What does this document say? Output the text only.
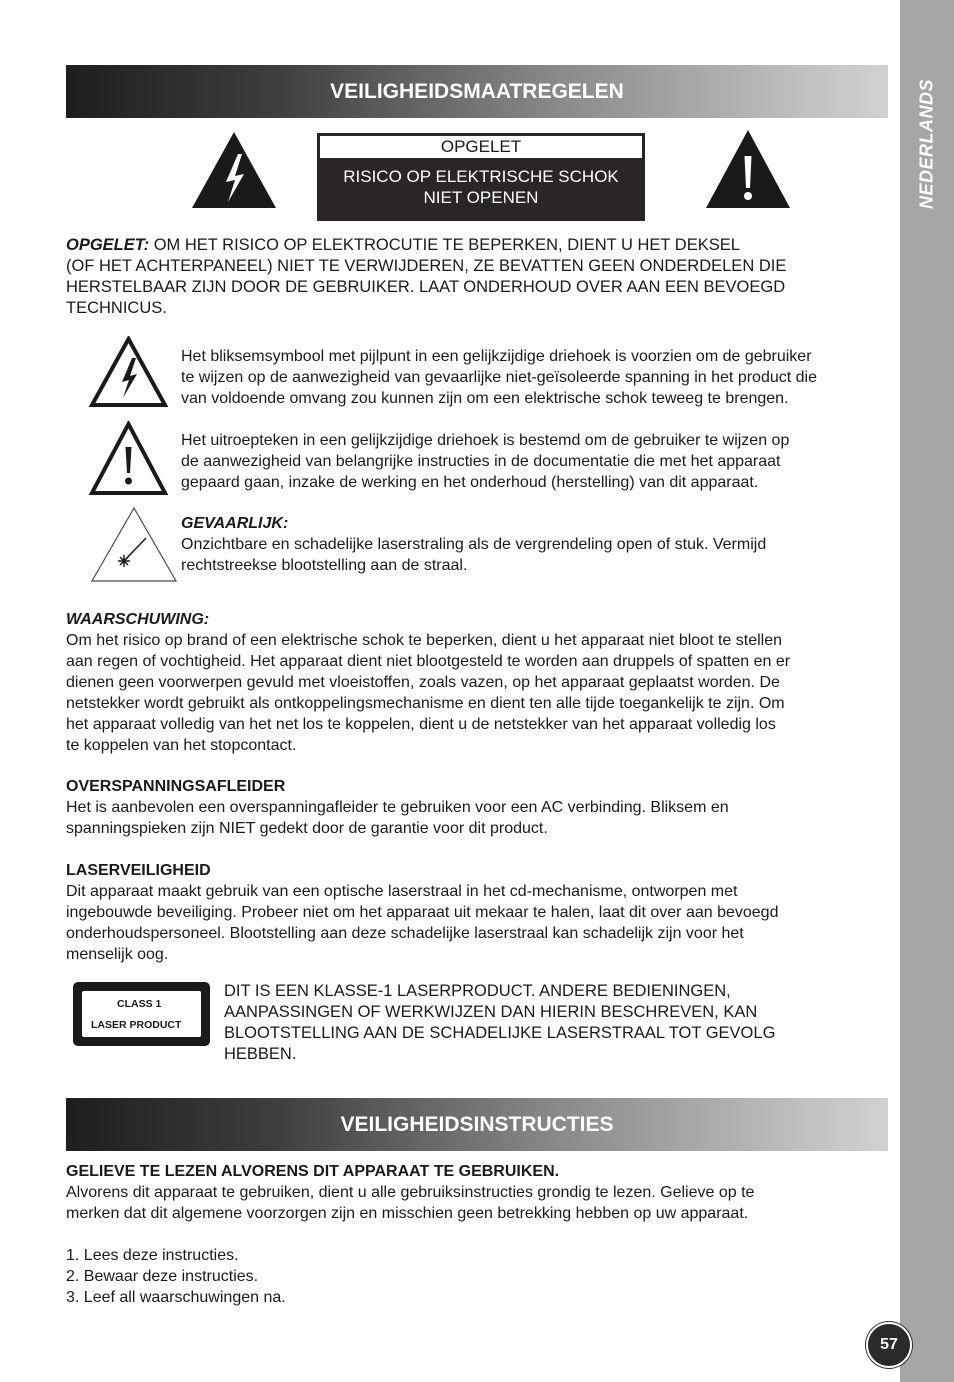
NEDERLANDS
57
VEILIGHEIDSMAATREGELEN
OPGELET
RISICO OP ELEKTRISCHE SCHOK
NIET OPENEN

OPGELET: OM HET RISICO OP ELEKTROCUTIE TE BEPERKEN, DIENT U HET DEKSEL

(OF HET ACHTERPANEEL) NIET TE VERWIJDEREN, ZE BEVATTEN GEEN ONDERDELEN DIE

HERSTELBAAR ZIJN DOOR DE GEBRUIKER. LAAT ONDERHOUD OVER AAN EEN BEVOEGD

TECHNICUS.

Het bliksemsymbool met pijlpunt in een gelijkzijdige driehoek is voorzien om de gebruiker

te wijzen op de aanwezigheid van gevaarlijke niet-geïsoleerde spanning in het product die

van voldoende omvang zou kunnen zijn om een elektrische schok teweeg te brengen.

Het uitroepteken in een gelijkzijdige driehoek is bestemd om de gebruiker te wijzen op

de aanwezigheid van belangrijke instructies in de documentatie die met het apparaat

gepaard gaan, inzake de werking en het onderhoud (herstelling) van dit apparaat.

GEVAARLIJK:

Onzichtbare en schadelijke laserstraling als de vergrendeling open of stuk. Vermijd

rechtstreekse blootstelling aan de straal.

WAARSCHUWING:

Om het risico op brand of een elektrische schok te beperken, dient u het apparaat niet bloot te stellen

aan regen of vochtigheid. Het apparaat dient niet blootgesteld te worden aan druppels of spatten en er

dienen geen voorwerpen gevuld met vloeistoffen, zoals vazen, op het apparaat geplaatst worden. De

netstekker wordt gebruikt als ontkoppelingsmechanisme en dient ten alle tijde toegankelijk te zijn. Om

het apparaat volledig van het net los te koppelen, dient u de netstekker van het apparaat volledig los

te koppelen van het stopcontact.

OVERSPANNINGSAFLEIDER

Het is aanbevolen een overspanningafleider te gebruiken voor een AC verbinding. Bliksem en

spanningspieken zijn NIET gedekt door de garantie voor dit product.

LASERVEILIGHEID

Dit apparaat maakt gebruik van een optische laserstraal in het cd-mechanisme, ontworpen met

ingebouwde beveiliging. Probeer niet om het apparaat uit mekaar te halen, laat dit over aan bevoegd

onderhoudspersoneel. Blootstelling aan deze schadelijke laserstraal kan schadelijk zijn voor het

menselijk oog.

CLASS 1
LASER PRODUCT

DIT IS EEN KLASSE-1 LASERPRODUCT. ANDERE BEDIENINGEN,

AANPASSINGEN OF WERKWIJZEN DAN HIERIN BESCHREVEN, KAN

BLOOTSTELLING AAN DE SCHADELIJKE LASERSTRAAL TOT GEVOLG

HEBBEN.

VEILIGHEIDSINSTRUCTIES

GELIEVE TE LEZEN ALVORENS DIT APPARAAT TE GEBRUIKEN.

Alvorens dit apparaat te gebruiken, dient u alle gebruiksinstructies grondig te lezen. Gelieve op te

merken dat dit algemene voorzorgen zijn en misschien geen betrekking hebben op uw apparaat.

1. Lees deze instructies.
2. Bewaar deze instructies.
3. Leef all waarschuwingen na.
